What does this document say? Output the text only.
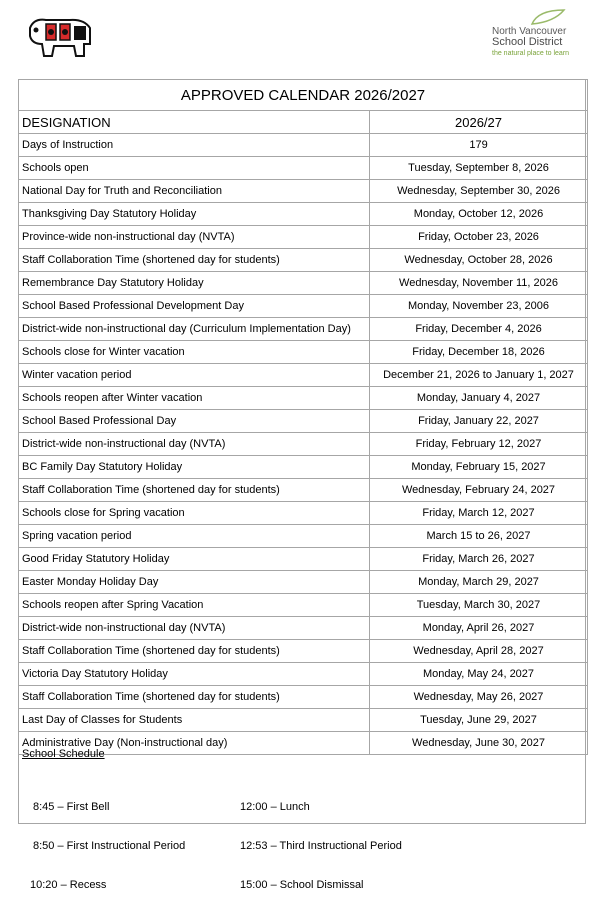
North Vancouver
School District
the natural place to learn
APPROVED CALENDAR 2026/2027	
DESIGNATION	2026/27
Days of Instruction	179
Schools open	Tuesday, September 8, 2026
National Day for Truth and Reconciliation	Wednesday, September 30, 2026
Thanksgiving Day Statutory Holiday	Monday, October 12, 2026
Province-wide non-instructional day (NVTA)	Friday, October 23, 2026
Staff Collaboration Time (shortened day for students)	Wednesday, October 28, 2026
Remembrance Day Statutory Holiday	Wednesday, November 11, 2026
School Based Professional Development Day	Monday, November 23, 2006
District-wide non-instructional day (Curriculum Implementation Day)	Friday, December 4, 2026
Schools close for Winter vacation	Friday, December 18, 2026
Winter vacation period	December 21, 2026 to January 1, 2027
Schools reopen after Winter vacation	Monday, January 4, 2027
School Based Professional Day	Friday, January 22, 2027
District-wide non-instructional day (NVTA)	Friday, February 12, 2027
BC Family Day Statutory Holiday	Monday, February 15, 2027
Staff Collaboration Time (shortened day for students)	Wednesday, February 24, 2027
Schools close for Spring vacation	Friday, March 12, 2027
Spring vacation period	March 15 to 26, 2027
Good Friday Statutory Holiday	Friday, March 26, 2027
Easter Monday Holiday Day	Monday, March 29, 2027
Schools reopen after Spring Vacation	Tuesday, March 30, 2027
District-wide non-instructional day (NVTA)	Monday, April 26, 2027
Staff Collaboration Time (shortened day for students)	Wednesday, April 28, 2027
Victoria Day Statutory Holiday	Monday, May 24, 2027
Staff Collaboration Time (shortened day for students)	Wednesday, May 26, 2027
Last Day of Classes for Students	Tuesday, June 29, 2027
Administrative Day (Non-instructional day)	Wednesday, June 30, 2027
School Schedule

8:45 – First Bell

8:50 – First Instructional Period

10:20 – Recess

12:00 – Lunch

12:53 – Third Instructional Period

15:00 – School Dismissal
